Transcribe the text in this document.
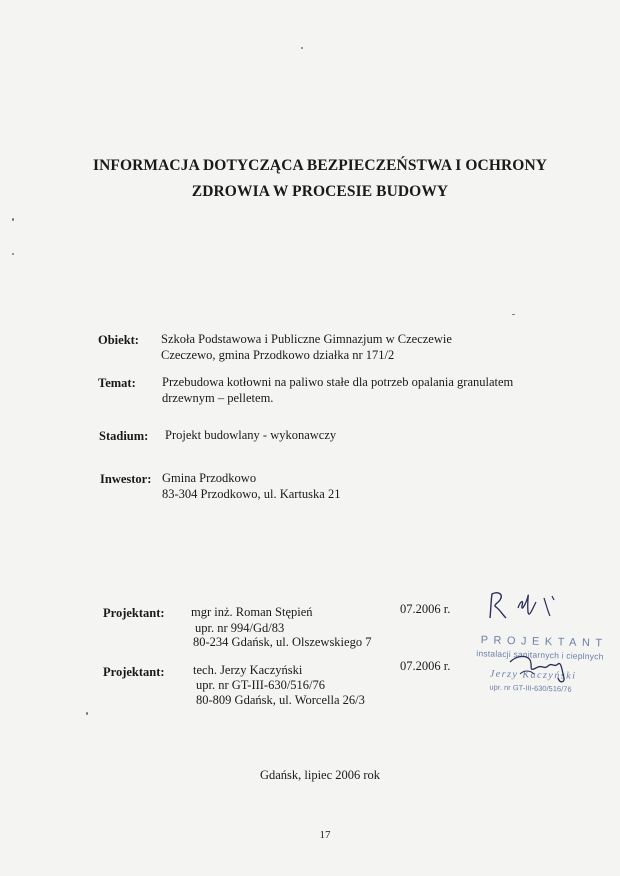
INFORMACJA DOTYCZĄCA BEZPIECZEŃSTWA I OCHRONY
ZDROWIA W PROCESIE BUDOWY
Obiekt: Szkoła Podstawowa i Publiczne Gimnazjum w Czeczewie
Czeczewo, gmina Przodkowo działka nr 171/2
Temat: Przebudowa kotłowni na paliwo stałe dla potrzeb opalania granulatem
drzewnym – pelletem.
Stadium: Projekt budowlany - wykonawczy
Inwestor: Gmina Przodkowo
83-304 Przodkowo, ul. Kartuska 21
Projektant: mgr inż. Roman Stępień
upr. nr 994/Gd/83
80-234 Gdańsk, ul. Olszewskiego 7
07.2006 r.
Projektant: tech. Jerzy Kaczyński
upr. nr GT-III-630/516/76
80-809 Gdańsk, ul. Worcella 26/3
07.2006 r.
PROJEKTANT
instalacji sanitarnych i cieplnych
Jerzy Kaczyński
upr. nr GT-III-630/516/76
Gdańsk, lipiec 2006 rok
17
